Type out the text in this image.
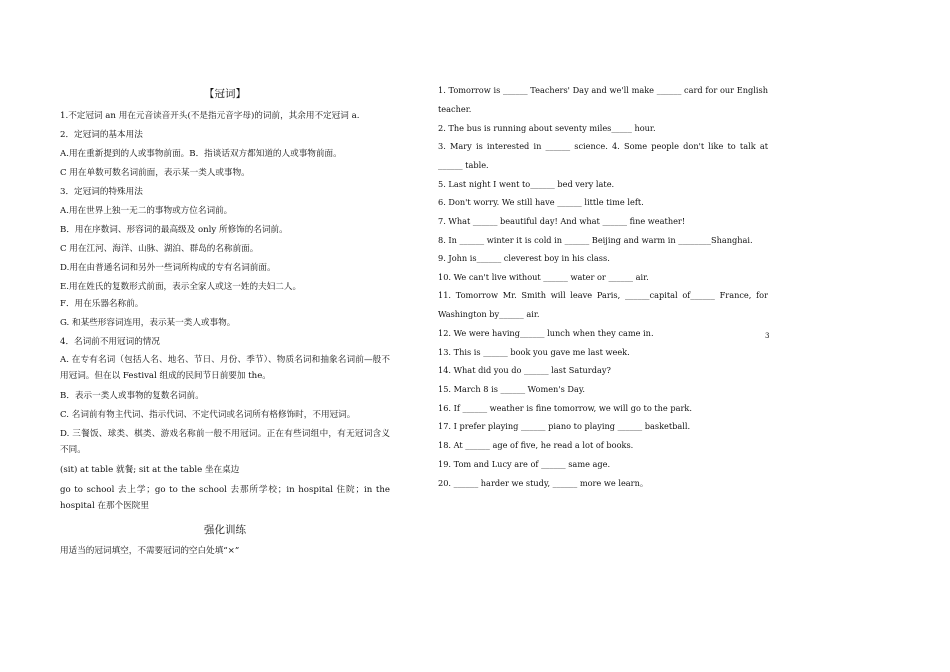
【冠词】
1.不定冠词 an 用在元音读音开头(不是指元音字母)的词前，其余用不定冠词 a.
2．定冠词的基本用法
A.用在重新提到的人或事物前面。B．指谈话双方都知道的人或事物前面。
C 用在单数可数名词前面，表示某一类人或事物。
3．定冠词的特殊用法
A.用在世界上独一无二的事物或方位名词前。
B．用在序数词、形容词的最高级及 only 所修饰的名词前。
C 用在江河、海洋、山脉、湖泊、群岛的名称前面。
D.用在由普通名词和另外一些词所构成的专有名词前面。
E.用在姓氏的复数形式前面，表示全家人或这一姓的夫妇二人。
F．用在乐器名称前。
G. 和某些形容词连用，表示某一类人或事物。
4．名词前不用冠词的情况
A. 在专有名词（包括人名、地名、节日、月份、季节）、物质名词和抽象名词前—般不用冠词。但在以 Festival 组成的民间节日前要加 the。
B．表示一类人或事物的复数名词前。
C. 名词前有物主代词、指示代词、不定代词或名词所有格修饰时，不用冠词。
D. 三餐饭、球类、棋类、游戏名称前一般不用冠词。正在有些词组中，有无冠词含义不同。
(sit) at table 就餐; sit at the table 坐在桌边
go to school 去上学；go to the school 去那所学校；in hospital 住院；in the hospital 在那个医院里
强化训练
用适当的冠词填空，不需要冠词的空白处填“×”
1. Tomorrow is ______ Teachers' Day and we'll make ______ card for our English teacher.
2. The bus is running about seventy miles_____ hour.
3. Mary is interested in ______ science. 4. Some people don't like to talk at ______ table.
5. Last night I went to______ bed very late.
6. Don't worry. We still have ______ little time left.
7. What ______ beautiful day! And what ______ fine weather!
8. In ______ winter it is cold in ______ Beijing and warm in ________Shanghai.
9. John is______ cleverest boy in his class.
10. We can't live without ______ water or ______ air.
11. Tomorrow Mr. Smith will leave Paris, ______capital of______ France, for Washington by______ air.
12. We were having______ lunch when they came in.
13. This is ______ book you gave me last week.
14. What did you do ______ last Saturday?
15. March 8 is ______ Women's Day.
16. If ______ weather is fine tomorrow, we will go to the park.
17. I prefer playing ______ piano to playing ______ basketball.
18. At ______ age of five, he read a lot of books.
19. Tom and Lucy are of ______ same age.
20. ______ harder we study, ______ more we learn。
3
